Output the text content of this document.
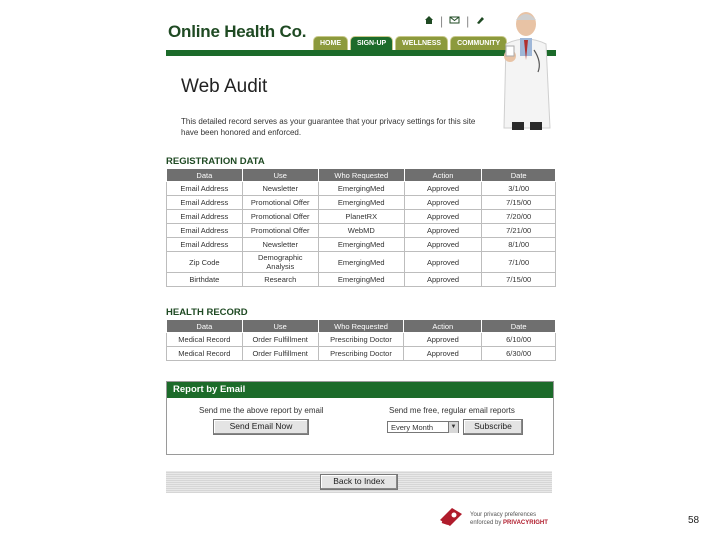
Online Health Co.
| |
HOME	SIGN-UP	WELLNESS	COMMUNITY
Web Audit
This detailed record serves as your guarantee that your privacy settings for this site have been honored and enforced.
REGISTRATION DATA
Data	Use	Who Requested	Action	Date
Email Address	Newsletter	EmergingMed	Approved	3/1/00
Email Address	Promotional Offer	EmergingMed	Approved	7/15/00
Email Address	Promotional Offer	PlanetRX	Approved	7/20/00
Email Address	Promotional Offer	WebMD	Approved	7/21/00
Email Address	Newsletter	EmergingMed	Approved	8/1/00
Zip Code	Demographic Analysis	EmergingMed	Approved	7/1/00
Birthdate	Research	EmergingMed	Approved	7/15/00
HEALTH RECORD
Data	Use	Who Requested	Action	Date
Medical Record	Order Fulfillment	Prescribing Doctor	Approved	6/10/00
Medical Record	Order Fulfillment	Prescribing Doctor	Approved	6/30/00
Report by Email
Send me the above report by email
Send Email Now
Send me free, regular email reports
Every Month	▼	Subscribe
Back to Index
Your privacy preferences
enforced by PRIVACYRIGHT	58
